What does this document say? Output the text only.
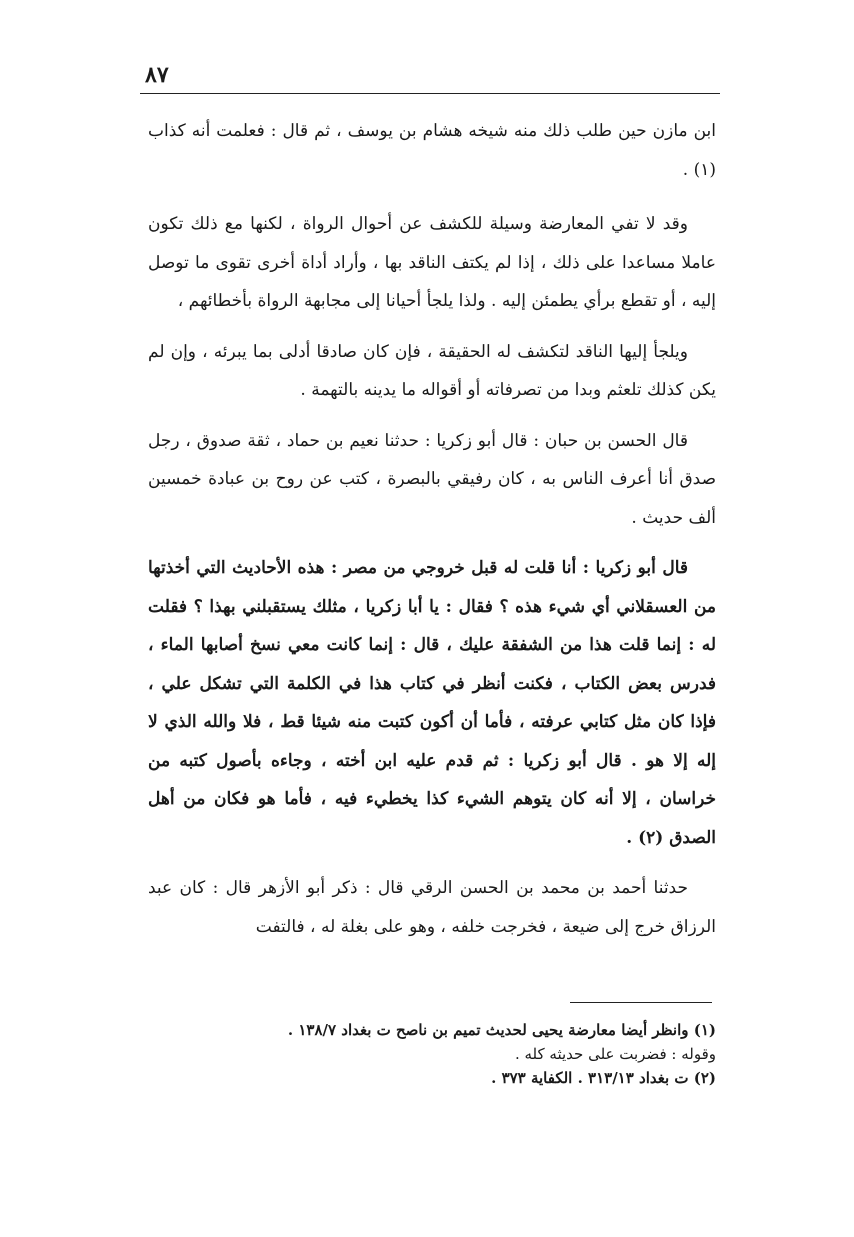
٨٧

ابن مازن حين طلب ذلك منه شيخه هشام بن يوسف ، ثم قال : فعلمت أنه كذاب (١) .

وقد لا تفي المعارضة وسيلة للكشف عن أحوال الرواة ، لكنها مع ذلك تكون عاملا مساعدا على ذلك ، إذا لم يكتف الناقد بها ، وأراد أداة أخرى تقوى ما توصل إليه ، أو تقطع برأي يطمئن إليه . ولذا يلجأ أحيانا إلى مجابهة الرواة بأخطائهم ،

ويلجأ إليها الناقد لتكشف له الحقيقة ، فإن كان صادقا أدلى بما يبرئه ، وإن لم يكن كذلك تلعثم وبدا من تصرفاته أو أقواله ما يدينه بالتهمة .

قال الحسن بن حبان : قال أبو زكريا : حدثنا نعيم بن حماد ، ثقة صدوق ، رجل صدق أنا أعرف الناس به ، كان رفيقي بالبصرة ، كتب عن روح بن عبادة خمسين ألف حديث .

قال أبو زكريا : أنا قلت له قبل خروجي من مصر : هذه الأحاديث التي أخذتها من العسقلاني أي شيء هذه ؟ فقال : يا أبا زكريا ، مثلك يستقبلني بهذا ؟ فقلت له : إنما قلت هذا من الشفقة عليك ، قال : إنما كانت معي نسخ أصابها الماء ، فدرس بعض الكتاب ، فكنت أنظر في كتاب هذا في الكلمة التي تشكل علي ، فإذا كان مثل كتابي عرفته ، فأما أن أكون كتبت منه شيئا قط ، فلا والله الذي لا إله إلا هو . قال أبو زكريا : ثم قدم عليه ابن أخته ، وجاءه بأصول كتبه من خراسان ، إلا أنه كان يتوهم الشيء كذا يخطيء فيه ، فأما هو فكان من أهل الصدق (٢) .

حدثنا أحمد بن محمد بن الحسن الرقي قال : ذكر أبو الأزهر قال : كان عبد الرزاق خرج إلى ضيعة ، فخرجت خلفه ، وهو على بغلة له ، فالتفت

(١) وانظر أيضا معارضة يحيى لحديث تميم بن ناصح ت بغداد ١٣٨/٧ .

وقوله : فضربت على حديثه كله .

(٢) ت بغداد ٣١٣/١٣ . الكفاية ٣٧٣ .
